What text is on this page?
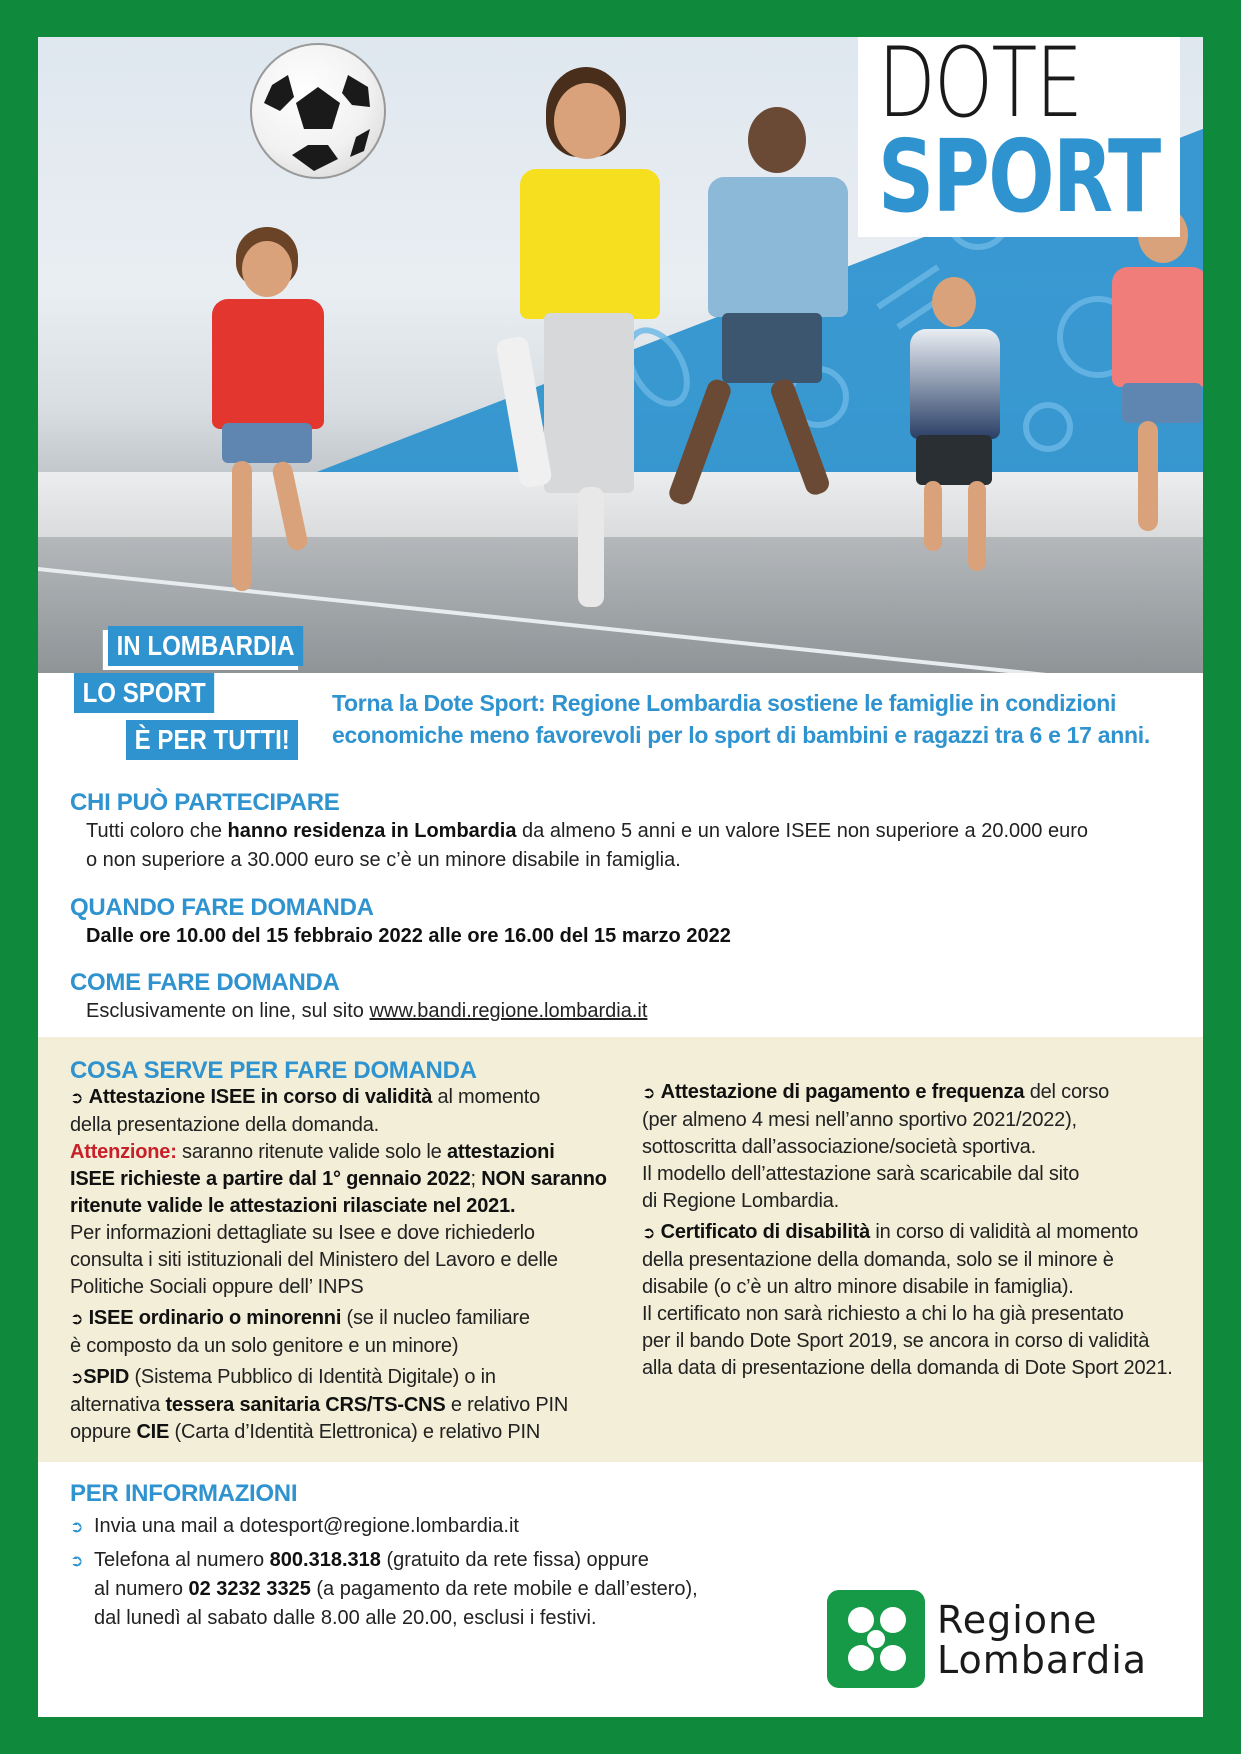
DOTE
SPORT
IN LOMBARDIA
LO SPORT
È PER TUTTI!
Torna la Dote Sport: Regione Lombardia sostiene le famiglie in condizioni
economiche meno favorevoli per lo sport di bambini e ragazzi tra 6 e 17 anni.
CHI PUÒ PARTECIPARE
Tutti coloro che hanno residenza in Lombardia da almeno 5 anni e un valore ISEE non superiore a 20.000 euro
o non superiore a 30.000 euro se c’è un minore disabile in famiglia.
QUANDO FARE DOMANDA
Dalle ore 10.00 del 15 febbraio 2022 alle ore 16.00 del 15 marzo 2022
COME FARE DOMANDA
Esclusivamente on line, sul sito www.bandi.regione.lombardia.it
COSA SERVE PER FARE DOMANDA

➲ Attestazione ISEE in corso di validità al momento
della presentazione della domanda.
Attenzione: saranno ritenute valide solo le attestazioni
ISEE richieste a partire dal 1° gennaio 2022; NON saranno
ritenute valide le attestazioni rilasciate nel 2021.
Per informazioni dettagliate su Isee e dove richiederlo
consulta i siti istituzionali del Ministero del Lavoro e delle
Politiche Sociali oppure dell’ INPS

➲ ISEE ordinario o minorenni (se il nucleo familiare
è composto da un solo genitore e un minore)

➲SPID (Sistema Pubblico di Identità Digitale) o in
alternativa tessera sanitaria CRS/TS-CNS e relativo PIN
oppure CIE (Carta d’Identità Elettronica) e relativo PIN

➲ Attestazione di pagamento e frequenza del corso
(per almeno 4 mesi nell’anno sportivo 2021/2022),
sottoscritta dall’associazione/società sportiva.
Il modello dell’attestazione sarà scaricabile dal sito
di Regione Lombardia.

➲ Certificato di disabilità in corso di validità al momento
della presentazione della domanda, solo se il minore è
disabile (o c’è un altro minore disabile in famiglia).
Il certificato non sarà richiesto a chi lo ha già presentato
per il bando Dote Sport 2019, se ancora in corso di validità
alla data di presentazione della domanda di Dote Sport 2021.

PER INFORMAZIONI
➲ Invia una mail a dotesport@regione.lombardia.it
➲ Telefona al numero 800.318.318 (gratuito da rete fissa) oppure
al numero 02 3232 3325 (a pagamento da rete mobile e dall’estero),
dal lunedì al sabato dalle 8.00 alle 20.00, esclusi i festivi.	Regione
Lombardia
